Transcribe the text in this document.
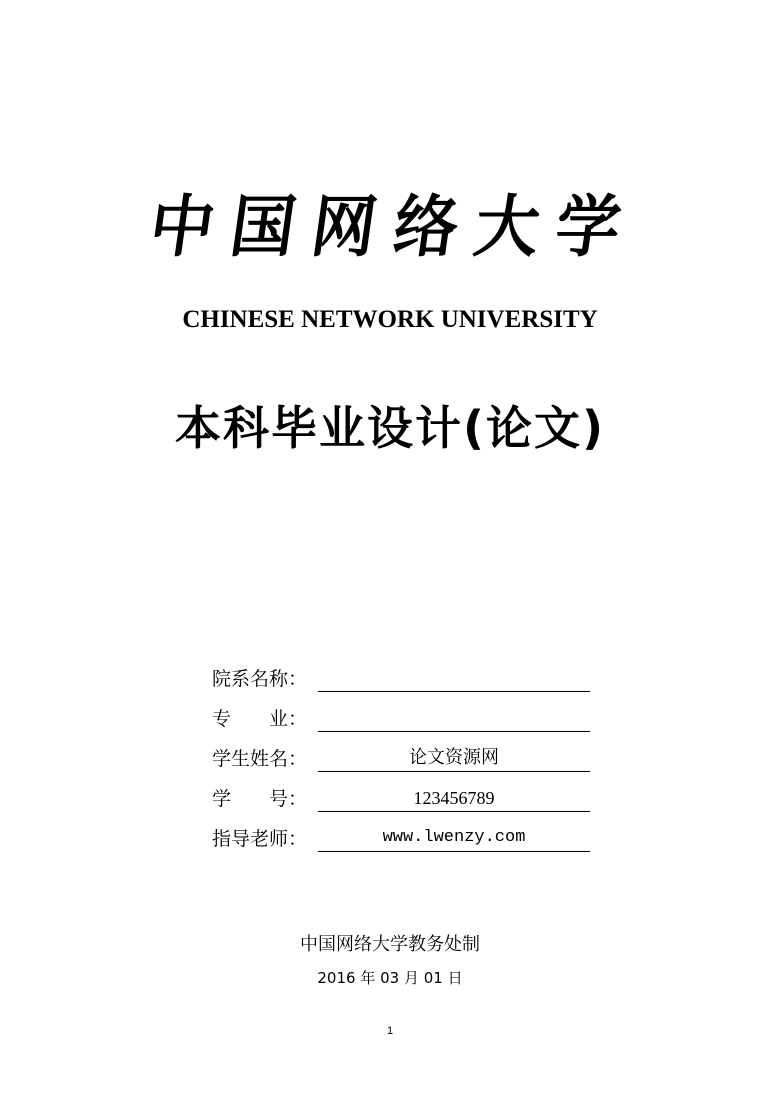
中 国 网 络 大 学
CHINESE NETWORK UNIVERSITY
本科毕业设计(论文)
院系名称：
专　　业：
学生姓名：	论文资源网
学　　号：	123456789
指导老师：	www.lwenzy.com
中国网络大学教务处制
2016 年 03 月 01 日
1
